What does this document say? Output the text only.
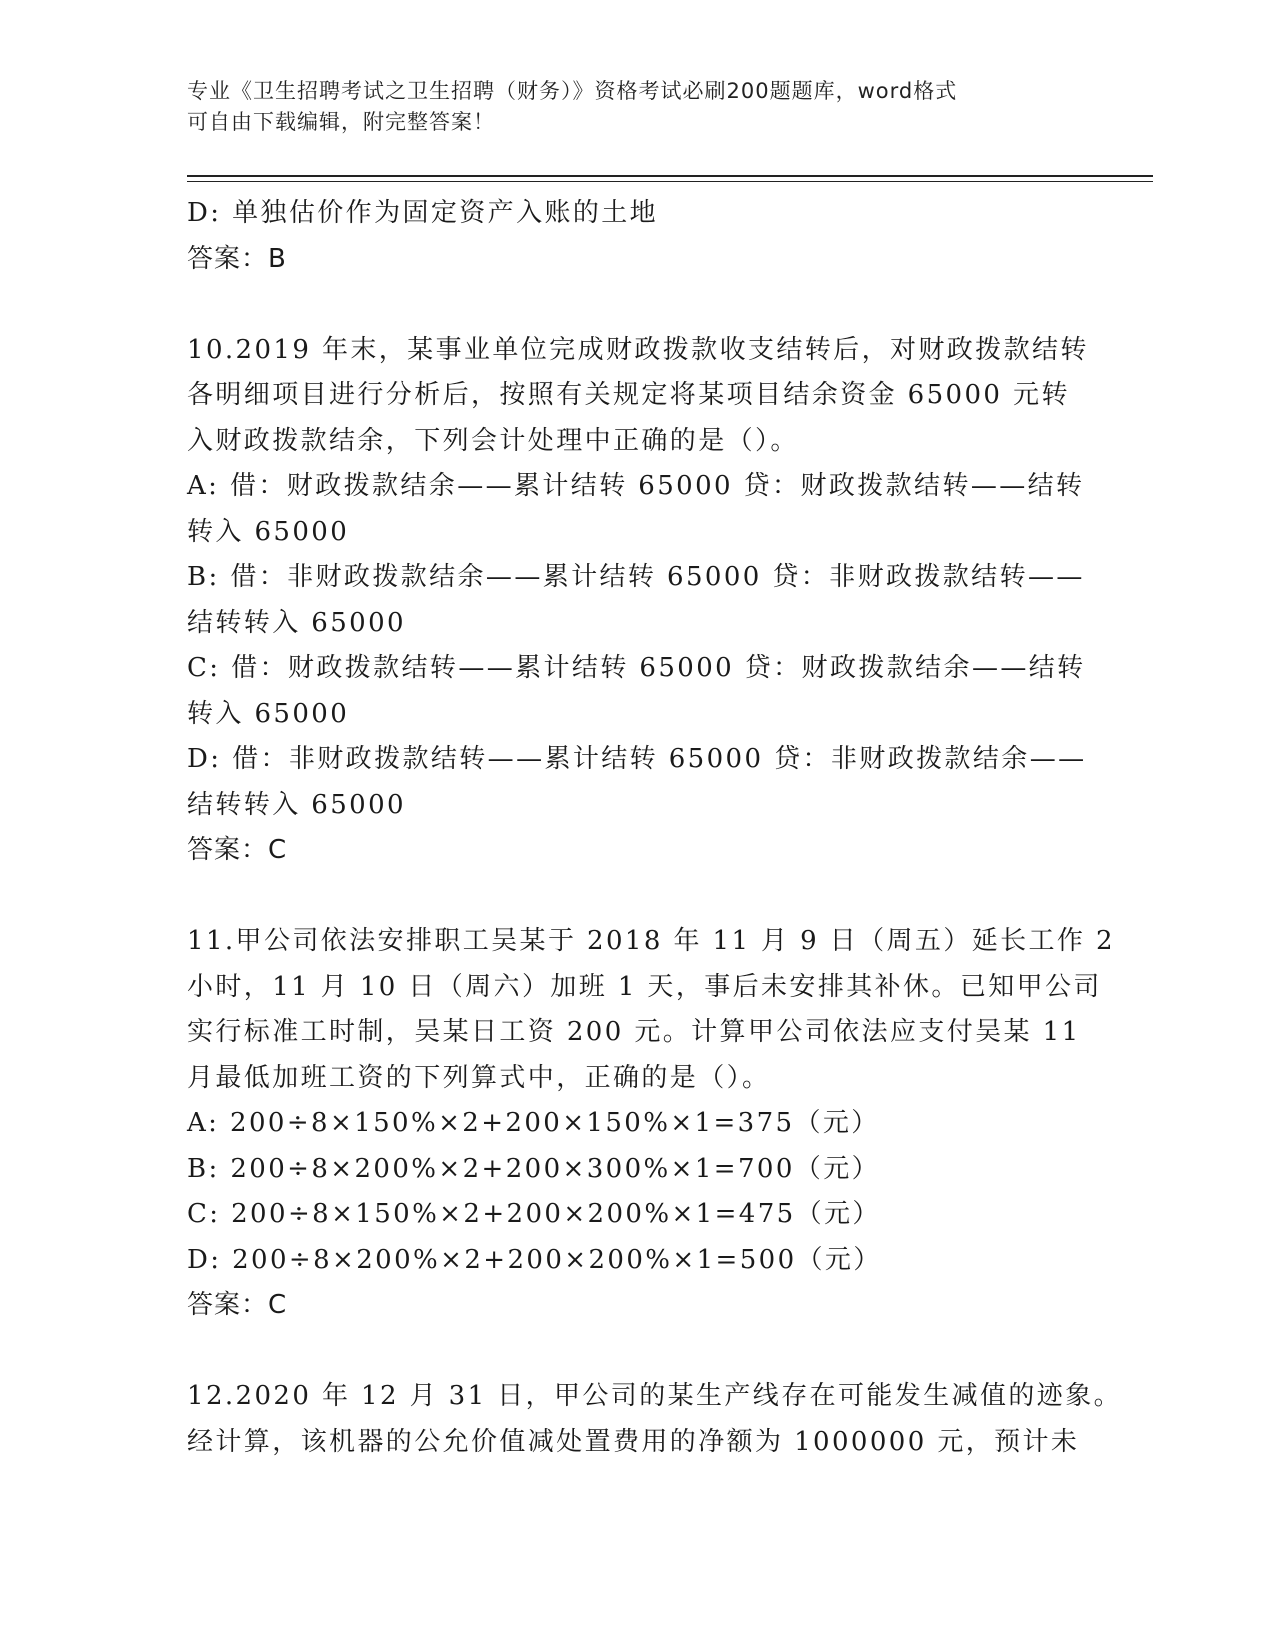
专业《卫生招聘考试之卫生招聘（财务）》资格考试必刷200题题库，word格式
可自由下载编辑，附完整答案！
D: 单独估价作为固定资产入账的土地
答案：B
10.2019 年末，某事业单位完成财政拨款收支结转后，对财政拨款结转
各明细项目进行分析后，按照有关规定将某项目结余资金 65000 元转
入财政拨款结余，下列会计处理中正确的是（）。
A: 借：财政拨款结余——累计结转 65000 贷：财政拨款结转——结转
转入 65000
B: 借：非财政拨款结余——累计结转 65000 贷：非财政拨款结转——
结转转入 65000
C: 借：财政拨款结转——累计结转 65000 贷：财政拨款结余——结转
转入 65000
D: 借：非财政拨款结转——累计结转 65000 贷：非财政拨款结余——
结转转入 65000
答案：C
11.甲公司依法安排职工吴某于 2018 年 11 月 9 日（周五）延长工作 2
小时，11 月 10 日（周六）加班 1 天，事后未安排其补休。已知甲公司
实行标准工时制，吴某日工资 200 元。计算甲公司依法应支付吴某 11
月最低加班工资的下列算式中，正确的是（）。
A: 200÷8×150%×2+200×150%×1=375（元）
B: 200÷8×200%×2+200×300%×1=700（元）
C: 200÷8×150%×2+200×200%×1=475（元）
D: 200÷8×200%×2+200×200%×1=500（元）
答案：C
12.2020 年 12 月 31 日，甲公司的某生产线存在可能发生减值的迹象。
经计算，该机器的公允价值减处置费用的净额为 1000000 元，预计未
